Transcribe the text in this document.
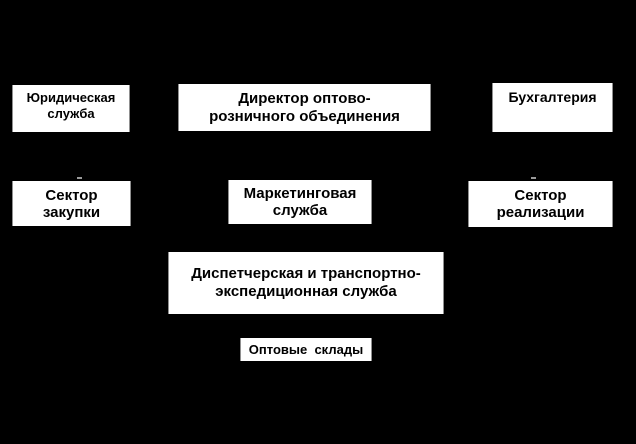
Юридическая
служба
Директор оптово-
розничного объединения
Бухгалтерия
Сектор
закупки
Маркетинговая
служба
Сектор
реализации
Диспетчерская и транспортно-
экспедиционная служба
Оптовые  склады
